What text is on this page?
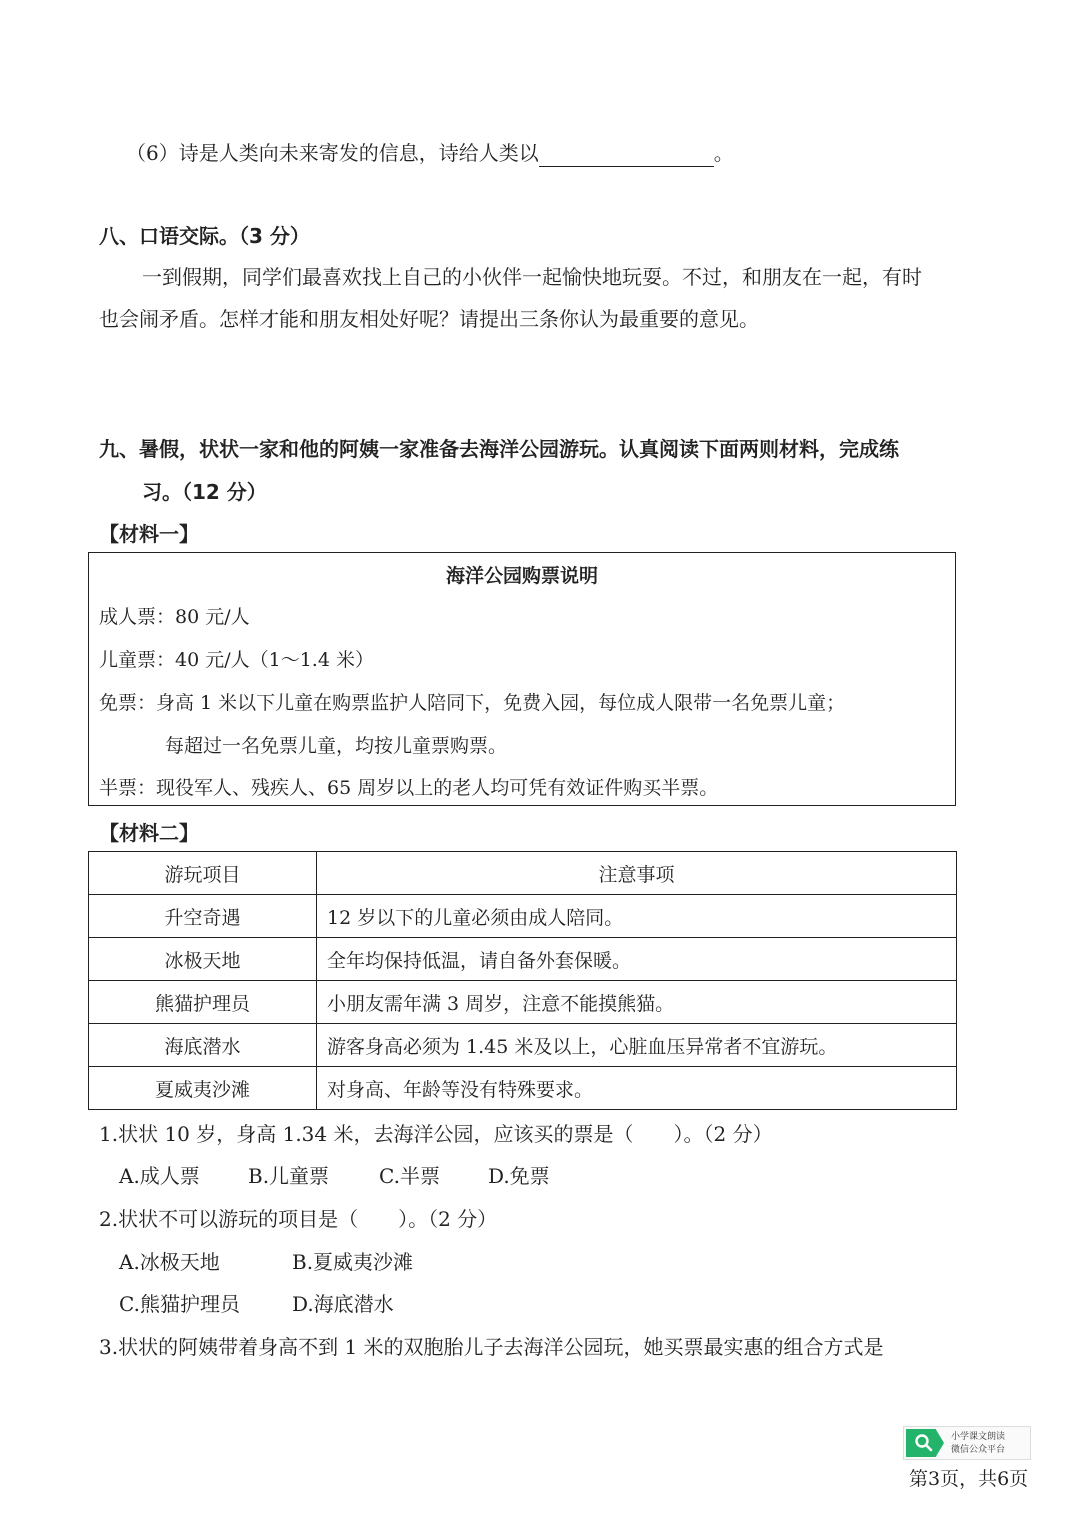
（6）诗是人类向未来寄发的信息，诗给人类以	。
八、口语交际。（3 分）
一到假期，同学们最喜欢找上自己的小伙伴一起愉快地玩耍。不过，和朋友在一起，有时
也会闹矛盾。怎样才能和朋友相处好呢？请提出三条你认为最重要的意见。
九、暑假，状状一家和他的阿姨一家准备去海洋公园游玩。认真阅读下面两则材料，完成练
习。（12 分）
【材料一】
海洋公园购票说明
成人票：80 元/人
儿童票：40 元/人（1～1.4 米）
免票：身高 1 米以下儿童在购票监护人陪同下，免费入园，每位成人限带一名免票儿童；
每超过一名免票儿童，均按儿童票购票。
半票：现役军人、残疾人、65 周岁以上的老人均可凭有效证件购买半票。
【材料二】
游玩项目	注意事项
升空奇遇	12 岁以下的儿童必须由成人陪同。
冰极天地	全年均保持低温，请自备外套保暖。
熊猫护理员	小朋友需年满 3 周岁，注意不能摸熊猫。
海底潜水	游客身高必须为 1.45 米及以上，心脏血压异常者不宜游玩。
夏威夷沙滩	对身高、年龄等没有特殊要求。
1.状状 10 岁，身高 1.34 米，去海洋公园，应该买的票是（　　）。（2 分）
A.成人票 B.儿童票 C.半票 D.免票
2.状状不可以游玩的项目是（　　）。（2 分）
A.冰极天地	B.夏威夷沙滩
C.熊猫护理员	D.海底潜水
3.状状的阿姨带着身高不到 1 米的双胞胎儿子去海洋公园玩，她买票最实惠的组合方式是
小学课文朗读
微信公众平台
第3页，共6页
